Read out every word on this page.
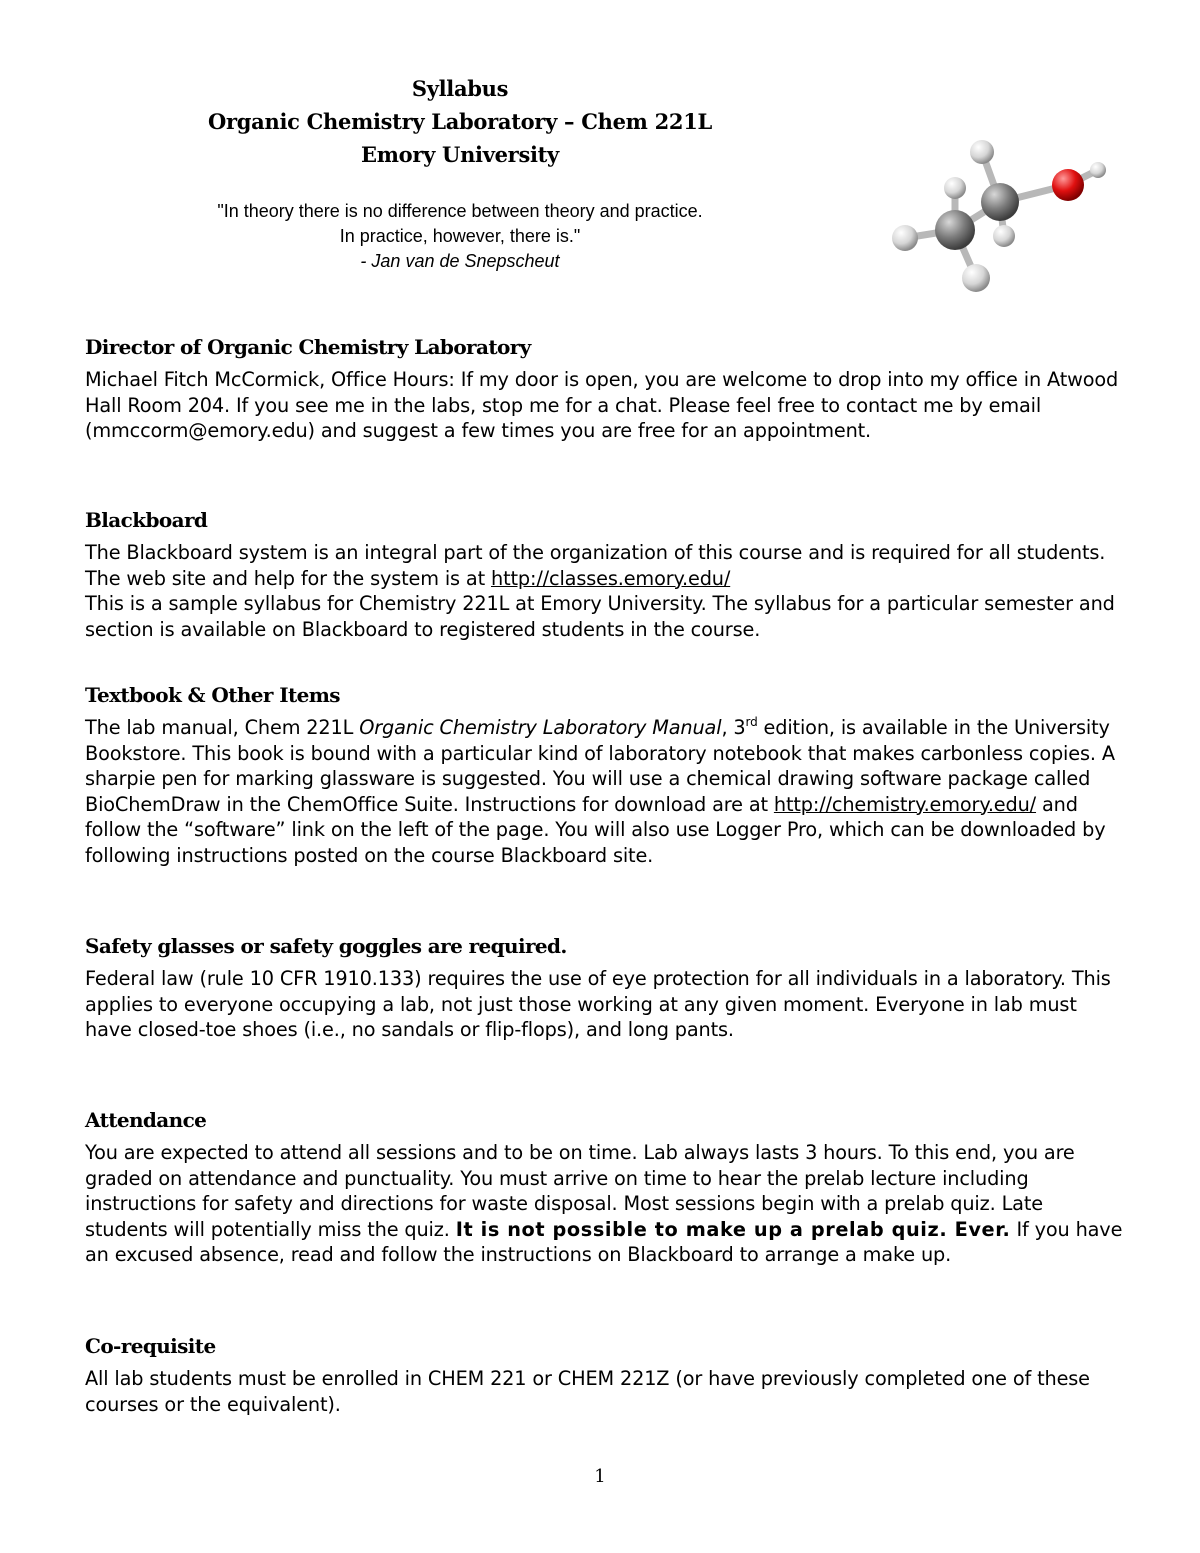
Syllabus
Organic Chemistry Laboratory – Chem 221L
Emory University
"In theory there is no difference between theory and practice.
In practice, however, there is."
- Jan van de Snepscheut
Director of Organic Chemistry Laboratory

Michael Fitch McCormick, Office Hours: If my door is open, you are welcome to drop into my office in Atwood Hall Room 204. If you see me in the labs, stop me for a chat. Please feel free to contact me by email (mmccorm@emory.edu) and suggest a few times you are free for an appointment.

Blackboard

The Blackboard system is an integral part of the organization of this course and is required for all students. The web site and help for the system is at http://classes.emory.edu/

This is a sample syllabus for Chemistry 221L at Emory University. The syllabus for a particular semester and section is available on Blackboard to registered students in the course.

Textbook & Other Items

The lab manual, Chem 221L Organic Chemistry Laboratory Manual, 3rd edition, is available in the University Bookstore. This book is bound with a particular kind of laboratory notebook that makes carbonless copies. A sharpie pen for marking glassware is suggested. You will use a chemical drawing software package called BioChemDraw in the ChemOffice Suite. Instructions for download are at http://chemistry.emory.edu/ and follow the “software” link on the left of the page. You will also use Logger Pro, which can be downloaded by following instructions posted on the course Blackboard site.

Safety glasses or safety goggles are required.

Federal law (rule 10 CFR 1910.133) requires the use of eye protection for all individuals in a laboratory. This applies to everyone occupying a lab, not just those working at any given moment. Everyone in lab must have closed-toe shoes (i.e., no sandals or flip-flops), and long pants.

Attendance

You are expected to attend all sessions and to be on time. Lab always lasts 3 hours. To this end, you are graded on attendance and punctuality. You must arrive on time to hear the prelab lecture including instructions for safety and directions for waste disposal. Most sessions begin with a prelab quiz. Late students will potentially miss the quiz. It is not possible to make up a prelab quiz. Ever. If you have an excused absence, read and follow the instructions on Blackboard to arrange a make up.

Co-requisite

All lab students must be enrolled in CHEM 221 or CHEM 221Z (or have previously completed one of these courses or the equivalent).

1
